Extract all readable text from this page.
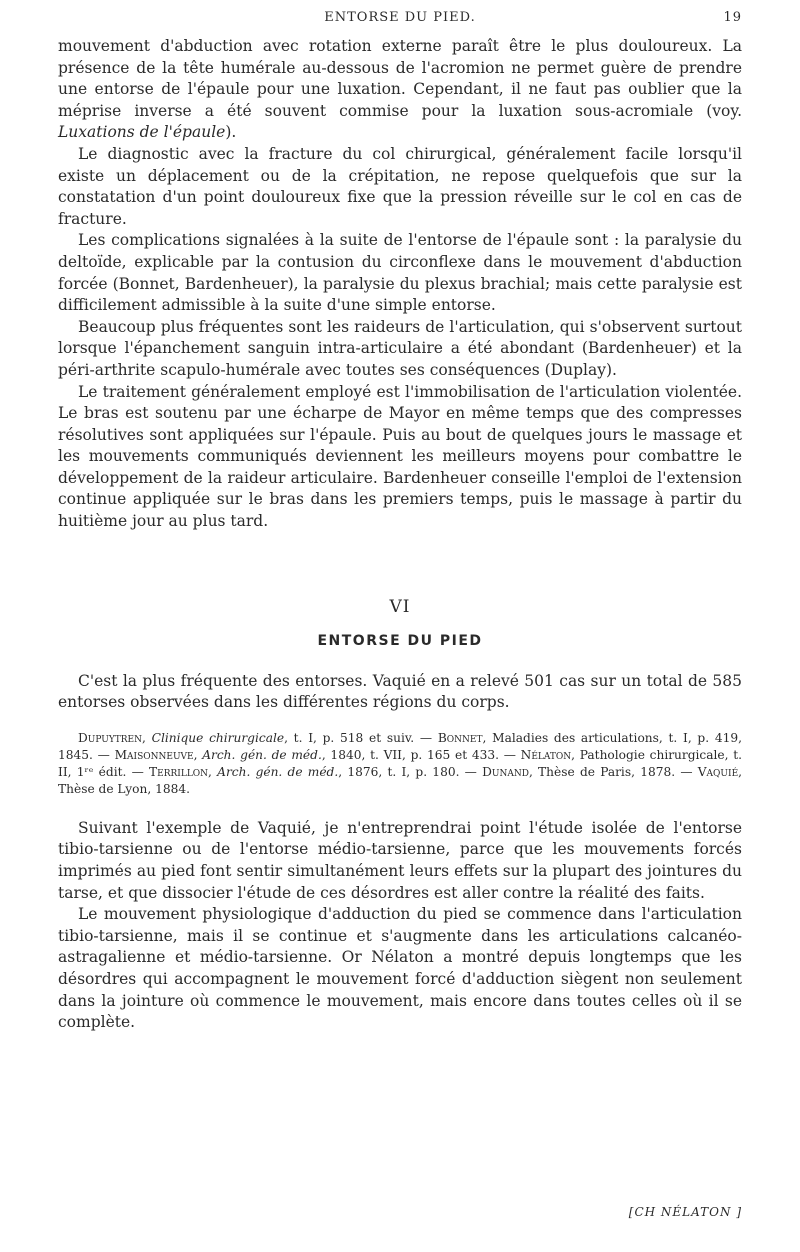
ENTORSE DU PIED.	19

mouvement d'abduction avec rotation externe paraît être le plus douloureux. La présence de la tête humérale au-dessous de l'acromion ne permet guère de prendre une entorse de l'épaule pour une luxation. Cependant, il ne faut pas oublier que la méprise inverse a été souvent commise pour la luxation sous-acromiale (voy. Luxations de l'épaule).

Le diagnostic avec la fracture du col chirurgical, généralement facile lorsqu'il existe un déplacement ou de la crépitation, ne repose quelquefois que sur la constatation d'un point douloureux fixe que la pression réveille sur le col en cas de fracture.

Les complications signalées à la suite de l'entorse de l'épaule sont : la paralysie du deltoïde, explicable par la contusion du circonflexe dans le mouvement d'abduction forcée (Bonnet, Bardenheuer), la paralysie du plexus brachial; mais cette paralysie est difficilement admissible à la suite d'une simple entorse.

Beaucoup plus fréquentes sont les raideurs de l'articulation, qui s'observent surtout lorsque l'épanchement sanguin intra-articulaire a été abondant (Bardenheuer) et la péri-arthrite scapulo-humérale avec toutes ses conséquences (Duplay).

Le traitement généralement employé est l'immobilisation de l'articulation violentée. Le bras est soutenu par une écharpe de Mayor en même temps que des compresses résolutives sont appliquées sur l'épaule. Puis au bout de quelques jours le massage et les mouvements communiqués deviennent les meilleurs moyens pour combattre le développement de la raideur articulaire. Bardenheuer conseille l'emploi de l'extension continue appliquée sur le bras dans les premiers temps, puis le massage à partir du huitième jour au plus tard.

VI
ENTORSE DU PIED

C'est la plus fréquente des entorses. Vaquié en a relevé 501 cas sur un total de 585 entorses observées dans les différentes régions du corps.

Dupuytren, Clinique chirurgicale, t. I, p. 518 et suiv. — Bonnet, Maladies des articulations, t. I, p. 419, 1845. — Maisonneuve, Arch. gén. de méd., 1840, t. VII, p. 165 et 433. — Nélaton, Pathologie chirurgicale, t. II, 1ʳᵉ édit. — Terrillon, Arch. gén. de méd., 1876, t. I, p. 180. — Dunand, Thèse de Paris, 1878. — Vaquié, Thèse de Lyon, 1884.

Suivant l'exemple de Vaquié, je n'entreprendrai point l'étude isolée de l'entorse tibio-tarsienne ou de l'entorse médio-tarsienne, parce que les mouvements forcés imprimés au pied font sentir simultanément leurs effets sur la plupart des jointures du tarse, et que dissocier l'étude de ces désordres est aller contre la réalité des faits.

Le mouvement physiologique d'adduction du pied se commence dans l'articulation tibio-tarsienne, mais il se continue et s'augmente dans les articulations calcanéo-astragalienne et médio-tarsienne. Or Nélaton a montré depuis longtemps que les désordres qui accompagnent le mouvement forcé d'adduction siègent non seulement dans la jointure où commence le mouvement, mais encore dans toutes celles où il se complète.

[CH NÉLATON ]
